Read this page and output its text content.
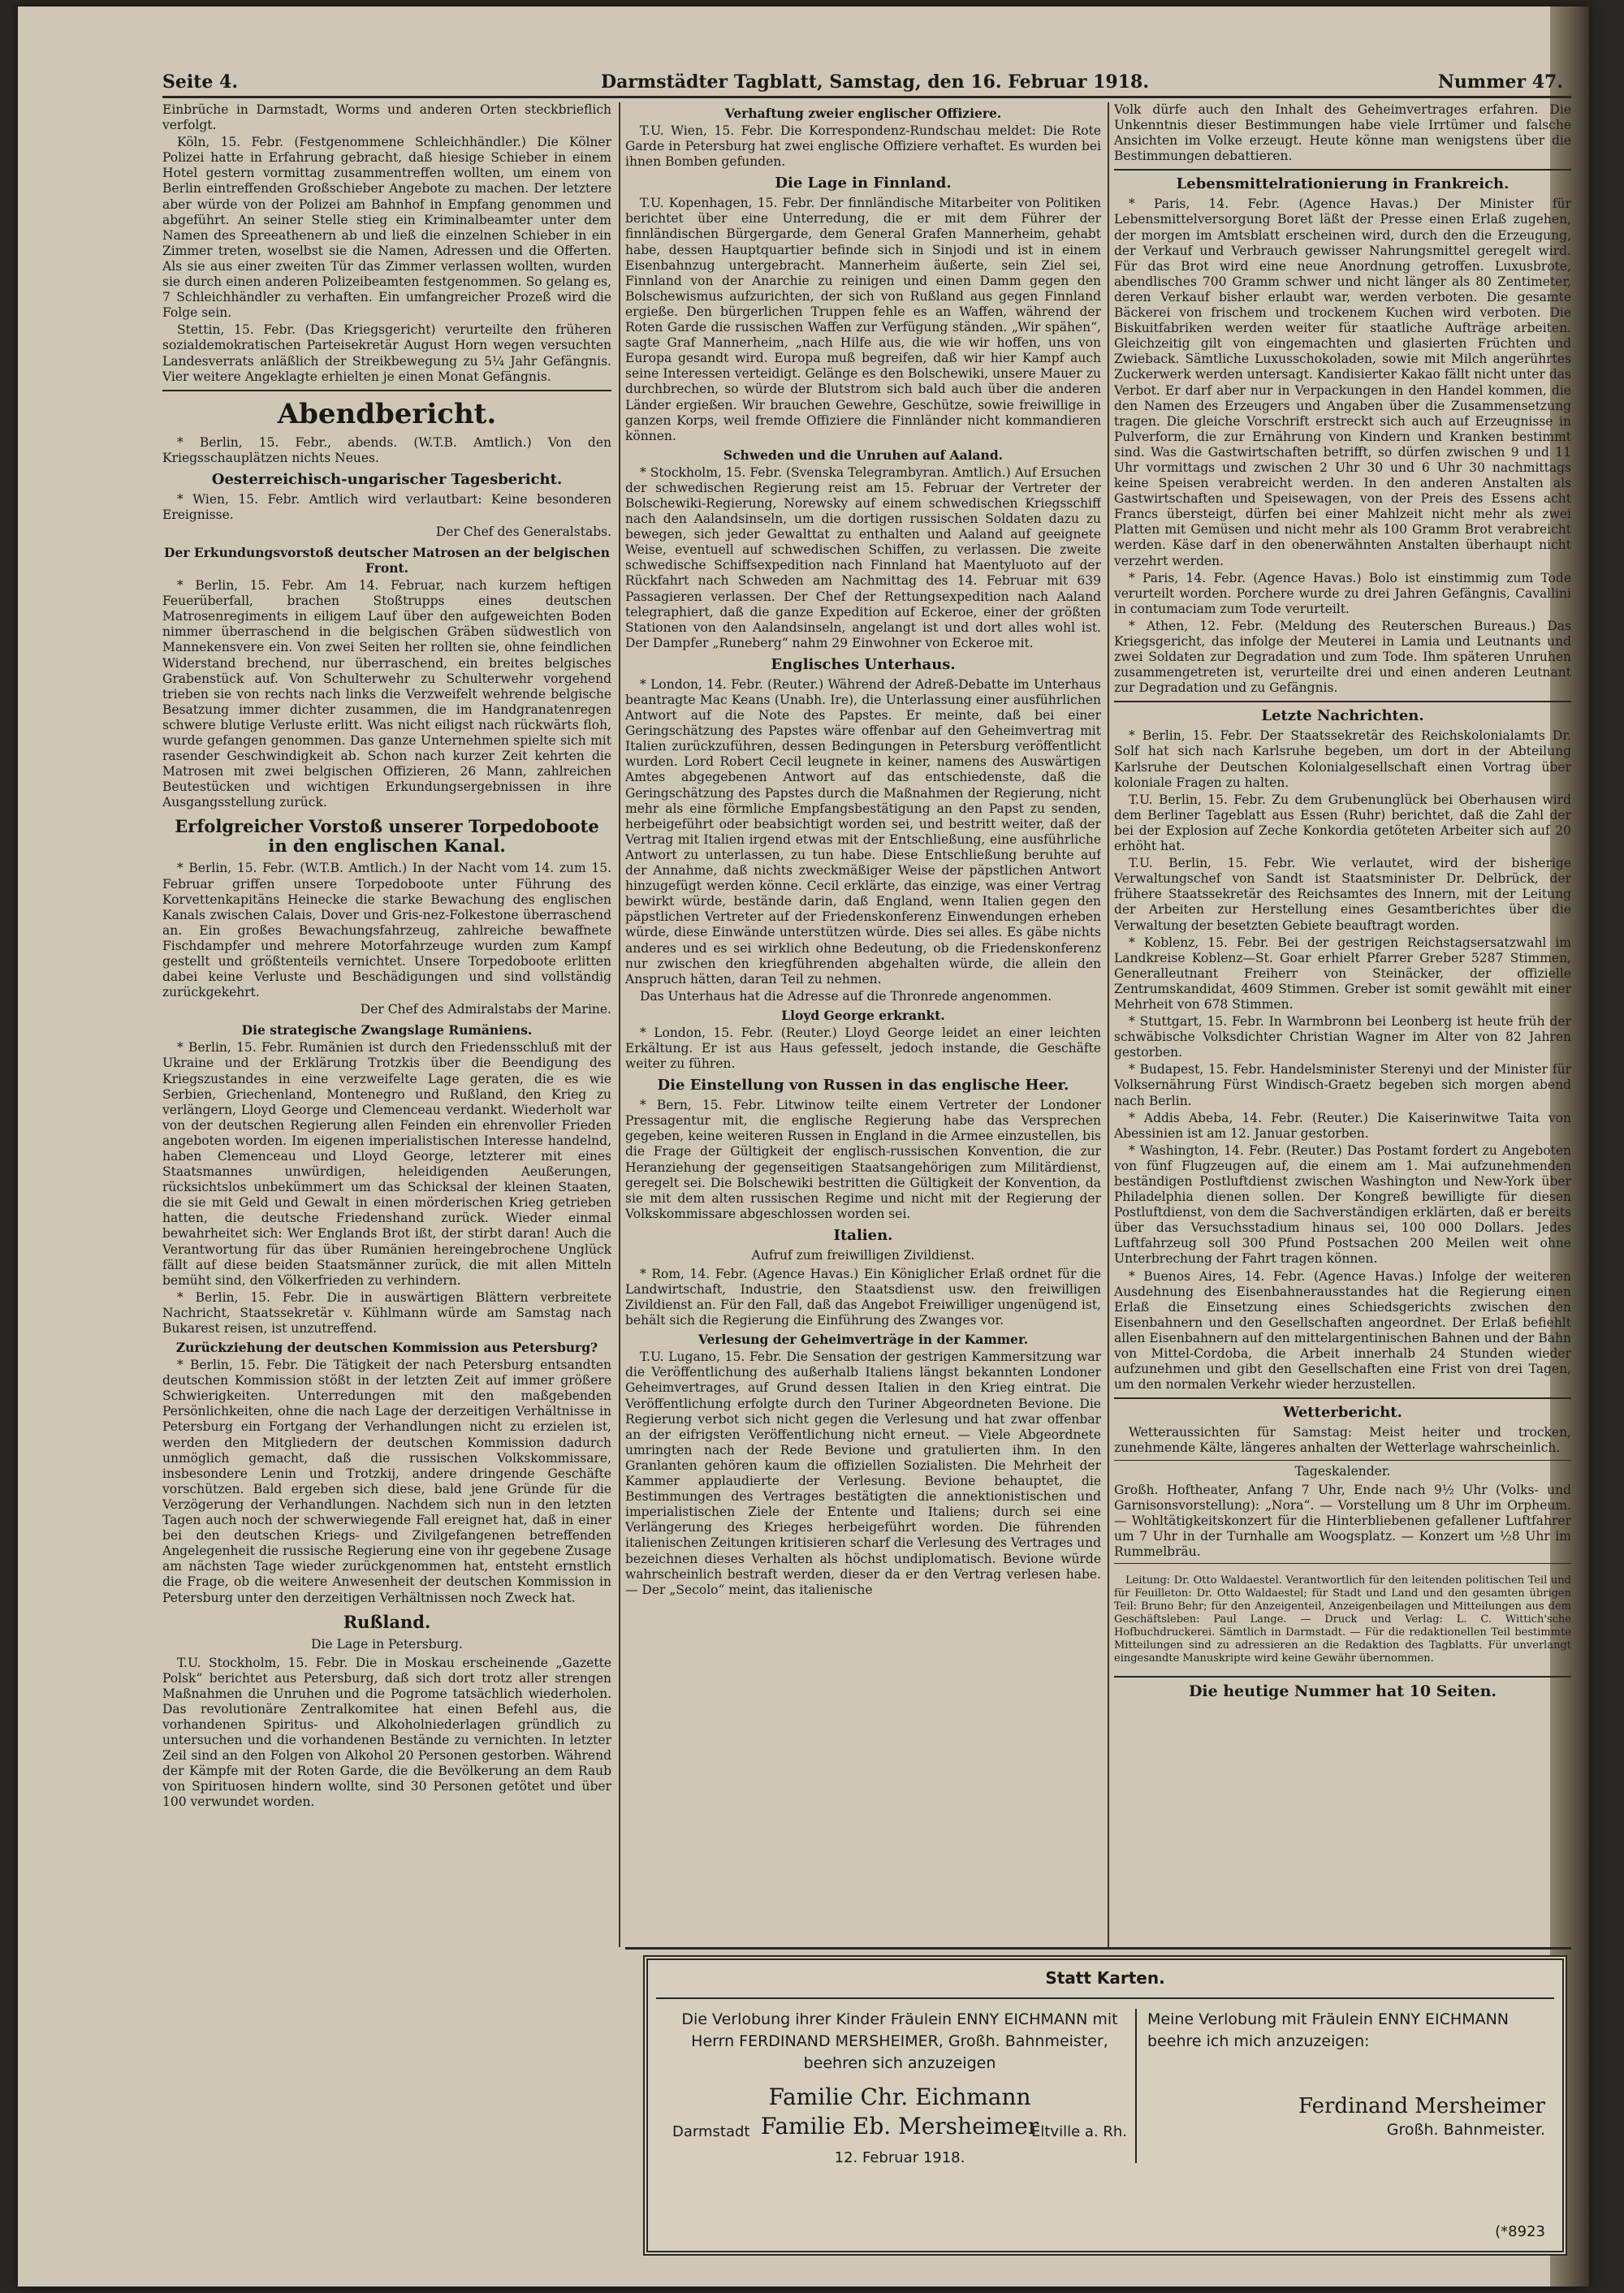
Seite 4.	Darmstädter Tagblatt, Samstag, den 16. Februar 1918.	Nummer 47.

Einbrüche in Darmstadt, Worms und anderen Orten steckbrieflich verfolgt.

Köln, 15. Febr. (Festgenommene Schleichhändler.) Die Kölner Polizei hatte in Erfahrung gebracht, daß hiesige Schieber in einem Hotel gestern vormittag zusammentreffen wollten, um einem von Berlin eintreffenden Großschieber Angebote zu machen. Der letztere aber würde von der Polizei am Bahnhof in Empfang genommen und abgeführt. An seiner Stelle stieg ein Kriminalbeamter unter dem Namen des Spreeathenern ab und ließ die einzelnen Schieber in ein Zimmer treten, woselbst sie die Namen, Adressen und die Offerten. Als sie aus einer zweiten Tür das Zimmer verlassen wollten, wurden sie durch einen anderen Polizeibeamten festgenommen. So gelang es, 7 Schleichhändler zu verhaften. Ein umfangreicher Prozeß wird die Folge sein.

Stettin, 15. Febr. (Das Kriegsgericht) verurteilte den früheren sozialdemokratischen Parteisekretär August Horn wegen versuchten Landesverrats anläßlich der Streikbewegung zu 5¼ Jahr Gefängnis. Vier weitere Angeklagte erhielten je einen Monat Gefängnis.

Abendbericht.

* Berlin, 15. Febr., abends. (W.T.B. Amtlich.) Von den Kriegsschauplätzen nichts Neues.

Oesterreichisch-ungarischer Tagesbericht.

* Wien, 15. Febr. Amtlich wird verlautbart: Keine besonderen Ereignisse.

Der Chef des Generalstabs.
Der Erkundungsvorstoß deutscher Matrosen an der belgischen Front.

* Berlin, 15. Febr. Am 14. Februar, nach kurzem heftigen Feuerüberfall, brachen Stoßtrupps eines deutschen Matrosenregiments in eiligem Lauf über den aufgeweichten Boden nimmer überraschend in die belgischen Gräben südwestlich von Mannekensvere ein. Von zwei Seiten her rollten sie, ohne feindlichen Widerstand brechend, nur überraschend, ein breites belgisches Grabenstück auf. Von Schulterwehr zu Schulterwehr vorgehend trieben sie von rechts nach links die Verzweifelt wehrende belgische Besatzung immer dichter zusammen, die im Handgranatenregen schwere blutige Verluste erlitt. Was nicht eiligst nach rückwärts floh, wurde gefangen genommen. Das ganze Unternehmen spielte sich mit rasender Geschwindigkeit ab. Schon nach kurzer Zeit kehrten die Matrosen mit zwei belgischen Offizieren, 26 Mann, zahlreichen Beutestücken und wichtigen Erkundungsergebnissen in ihre Ausgangsstellung zurück.

Erfolgreicher Vorstoß unserer Torpedoboote in den englischen Kanal.

* Berlin, 15. Febr. (W.T.B. Amtlich.) In der Nacht vom 14. zum 15. Februar griffen unsere Torpedoboote unter Führung des Korvettenkapitäns Heinecke die starke Bewachung des englischen Kanals zwischen Calais, Dover und Gris-nez-Folkestone überraschend an. Ein großes Bewachungsfahrzeug, zahlreiche bewaffnete Fischdampfer und mehrere Motorfahrzeuge wurden zum Kampf gestellt und größtenteils vernichtet. Unsere Torpedoboote erlitten dabei keine Verluste und Beschädigungen und sind vollständig zurückgekehrt.

Der Chef des Admiralstabs der Marine.
Die strategische Zwangslage Rumäniens.

* Berlin, 15. Febr. Rumänien ist durch den Friedensschluß mit der Ukraine und der Erklärung Trotzkis über die Beendigung des Kriegszustandes in eine verzweifelte Lage geraten, die es wie Serbien, Griechenland, Montenegro und Rußland, den Krieg zu verlängern, Lloyd George und Clemenceau verdankt. Wiederholt war von der deutschen Regierung allen Feinden ein ehrenvoller Frieden angeboten worden. Im eigenen imperialistischen Interesse handelnd, haben Clemenceau und Lloyd George, letzterer mit eines Staatsmannes unwürdigen, heleidigenden Aeußerungen, rücksichtslos unbekümmert um das Schicksal der kleinen Staaten, die sie mit Geld und Gewalt in einen mörderischen Krieg getrieben hatten, die deutsche Friedenshand zurück. Wieder einmal bewahrheitet sich: Wer Englands Brot ißt, der stirbt daran! Auch die Verantwortung für das über Rumänien hereingebrochene Unglück fällt auf diese beiden Staatsmänner zurück, die mit allen Mitteln bemüht sind, den Völkerfrieden zu verhindern.

* Berlin, 15. Febr. Die in auswärtigen Blättern verbreitete Nachricht, Staatssekretär v. Kühlmann würde am Samstag nach Bukarest reisen, ist unzutreffend.

Zurückziehung der deutschen Kommission aus Petersburg?

* Berlin, 15. Febr. Die Tätigkeit der nach Petersburg entsandten deutschen Kommission stößt in der letzten Zeit auf immer größere Schwierigkeiten. Unterredungen mit den maßgebenden Persönlichkeiten, ohne die nach Lage der derzeitigen Verhältnisse in Petersburg ein Fortgang der Verhandlungen nicht zu erzielen ist, werden den Mitgliedern der deutschen Kommission dadurch unmöglich gemacht, daß die russischen Volkskommissare, insbesondere Lenin und Trotzkij, andere dringende Geschäfte vorschützen. Bald ergeben sich diese, bald jene Gründe für die Verzögerung der Verhandlungen. Nachdem sich nun in den letzten Tagen auch noch der schwerwiegende Fall ereignet hat, daß in einer bei den deutschen Kriegs- und Zivilgefangenen betreffenden Angelegenheit die russische Regierung eine von ihr gegebene Zusage am nächsten Tage wieder zurückgenommen hat, entsteht ernstlich die Frage, ob die weitere Anwesenheit der deutschen Kommission in Petersburg unter den derzeitigen Verhältnissen noch Zweck hat.

Rußland.
Die Lage in Petersburg.

T.U. Stockholm, 15. Febr. Die in Moskau erscheinende „Gazette Polsk“ berichtet aus Petersburg, daß sich dort trotz aller strengen Maßnahmen die Unruhen und die Pogrome tatsächlich wiederholen. Das revolutionäre Zentralkomitee hat einen Befehl aus, die vorhandenen Spiritus- und Alkoholniederlagen gründlich zu untersuchen und die vorhandenen Bestände zu vernichten. In letzter Zeil sind an den Folgen von Alkohol 20 Personen gestorben. Während der Kämpfe mit der Roten Garde, die die Bevölkerung an dem Raub von Spirituosen hindern wollte, sind 30 Personen getötet und über 100 verwundet worden.

Verhaftung zweier englischer Offiziere.

T.U. Wien, 15. Febr. Die Korrespondenz-Rundschau meldet: Die Rote Garde in Petersburg hat zwei englische Offiziere verhaftet. Es wurden bei ihnen Bomben gefunden.

Die Lage in Finnland.

T.U. Kopenhagen, 15. Febr. Der finnländische Mitarbeiter von Politiken berichtet über eine Unterredung, die er mit dem Führer der finnländischen Bürgergarde, dem General Grafen Mannerheim, gehabt habe, dessen Hauptquartier befinde sich in Sinjodi und ist in einem Eisenbahnzug untergebracht. Mannerheim äußerte, sein Ziel sei, Finnland von der Anarchie zu reinigen und einen Damm gegen den Bolschewismus aufzurichten, der sich von Rußland aus gegen Finnland ergieße. Den bürgerlichen Truppen fehle es an Waffen, während der Roten Garde die russischen Waffen zur Verfügung ständen. „Wir spähen“, sagte Graf Mannerheim, „nach Hilfe aus, die wie wir hoffen, uns von Europa gesandt wird. Europa muß begreifen, daß wir hier Kampf auch seine Interessen verteidigt. Gelänge es den Bolschewiki, unsere Mauer zu durchbrechen, so würde der Blutstrom sich bald auch über die anderen Länder ergießen. Wir brauchen Gewehre, Geschütze, sowie freiwillige in ganzen Korps, weil fremde Offiziere die Finnländer nicht kommandieren können.

Schweden und die Unruhen auf Aaland.

* Stockholm, 15. Febr. (Svenska Telegrambyran. Amtlich.) Auf Ersuchen der schwedischen Regierung reist am 15. Februar der Vertreter der Bolschewiki-Regierung, Norewsky auf einem schwedischen Kriegsschiff nach den Aalandsinseln, um die dortigen russischen Soldaten dazu zu bewegen, sich jeder Gewalttat zu enthalten und Aaland auf geeignete Weise, eventuell auf schwedischen Schiffen, zu verlassen. Die zweite schwedische Schiffsexpedition nach Finnland hat Maentyluoto auf der Rückfahrt nach Schweden am Nachmittag des 14. Februar mit 639 Passagieren verlassen. Der Chef der Rettungsexpedition nach Aaland telegraphiert, daß die ganze Expedition auf Eckeroe, einer der größten Stationen von den Aalandsinseln, angelangt ist und dort alles wohl ist. Der Dampfer „Runeberg“ nahm 29 Einwohner von Eckeroe mit.

Englisches Unterhaus.

* London, 14. Febr. (Reuter.) Während der Adreß-Debatte im Unterhaus beantragte Mac Keans (Unabh. Ire), die Unterlassung einer ausführlichen Antwort auf die Note des Papstes. Er meinte, daß bei einer Geringschätzung des Papstes wäre offenbar auf den Geheimvertrag mit Italien zurückzuführen, dessen Bedingungen in Petersburg veröffentlicht wurden. Lord Robert Cecil leugnete in keiner, namens des Auswärtigen Amtes abgegebenen Antwort auf das entschiedenste, daß die Geringschätzung des Papstes durch die Maßnahmen der Regierung, nicht mehr als eine förmliche Empfangsbestätigung an den Papst zu senden, herbeigeführt oder beabsichtigt worden sei, und bestritt weiter, daß der Vertrag mit Italien irgend etwas mit der Entschließung, eine ausführliche Antwort zu unterlassen, zu tun habe. Diese Entschließung beruhte auf der Annahme, daß nichts zweckmäßiger Weise der päpstlichen Antwort hinzugefügt werden könne. Cecil erklärte, das einzige, was einer Vertrag bewirkt würde, bestände darin, daß England, wenn Italien gegen den päpstlichen Vertreter auf der Friedenskonferenz Einwendungen erheben würde, diese Einwände unterstützen würde. Dies sei alles. Es gäbe nichts anderes und es sei wirklich ohne Bedeutung, ob die Friedenskonferenz nur zwischen den kriegführenden abgehalten würde, die allein den Anspruch hätten, daran Teil zu nehmen.

Das Unterhaus hat die Adresse auf die Thronrede angenommen.

Lloyd George erkrankt.

* London, 15. Febr. (Reuter.) Lloyd George leidet an einer leichten Erkältung. Er ist aus Haus gefesselt, jedoch instande, die Geschäfte weiter zu führen.

Die Einstellung von Russen in das englische Heer.

* Bern, 15. Febr. Litwinow teilte einem Vertreter der Londoner Pressagentur mit, die englische Regierung habe das Versprechen gegeben, keine weiteren Russen in England in die Armee einzustellen, bis die Frage der Gültigkeit der englisch-russischen Konvention, die zur Heranziehung der gegenseitigen Staatsangehörigen zum Militärdienst, geregelt sei. Die Bolschewiki bestritten die Gültigkeit der Konvention, da sie mit dem alten russischen Regime und nicht mit der Regierung der Volkskommissare abgeschlossen worden sei.

Italien.
Aufruf zum freiwilligen Zivildienst.

* Rom, 14. Febr. (Agence Havas.) Ein Königlicher Erlaß ordnet für die Landwirtschaft, Industrie, den Staatsdienst usw. den freiwilligen Zivildienst an. Für den Fall, daß das Angebot Freiwilliger ungenügend ist, behält sich die Regierung die Einführung des Zwanges vor.

Verlesung der Geheimverträge in der Kammer.

T.U. Lugano, 15. Febr. Die Sensation der gestrigen Kammersitzung war die Veröffentlichung des außerhalb Italiens längst bekannten Londoner Geheimvertrages, auf Grund dessen Italien in den Krieg eintrat. Die Veröffentlichung erfolgte durch den Turiner Abgeordneten Bevione. Die Regierung verbot sich nicht gegen die Verlesung und hat zwar offenbar an der eifrigsten Veröffentlichung nicht erneut. — Viele Abgeordnete umringten nach der Rede Bevione und gratulierten ihm. In den Granlanten gehören kaum die offiziellen Sozialisten. Die Mehrheit der Kammer applaudierte der Verlesung. Bevione behauptet, die Bestimmungen des Vertrages bestätigten die annektionistischen und imperialistischen Ziele der Entente und Italiens; durch sei eine Verlängerung des Krieges herbeigeführt worden. Die führenden italienischen Zeitungen kritisieren scharf die Verlesung des Vertrages und bezeichnen dieses Verhalten als höchst undiplomatisch. Bevione würde wahrscheinlich bestraft werden, dieser da er den Vertrag verlesen habe. — Der „Secolo“ meint, das italienische

Volk dürfe auch den Inhalt des Geheimvertrages erfahren. Die Unkenntnis dieser Bestimmungen habe viele Irrtümer und falsche Ansichten im Volke erzeugt. Heute könne man wenigstens über die Bestimmungen debattieren.

Lebensmittelrationierung in Frankreich.

* Paris, 14. Febr. (Agence Havas.) Der Minister für Lebensmittelversorgung Boret läßt der Presse einen Erlaß zugehen, der morgen im Amtsblatt erscheinen wird, durch den die Erzeugung, der Verkauf und Verbrauch gewisser Nahrungsmittel geregelt wird. Für das Brot wird eine neue Anordnung getroffen. Luxusbrote, abendlisches 700 Gramm schwer und nicht länger als 80 Zentimeter, deren Verkauf bisher erlaubt war, werden verboten. Die gesamte Bäckerei von frischem und trockenem Kuchen wird verboten. Die Biskuitfabriken werden weiter für staatliche Aufträge arbeiten. Gleichzeitig gilt von eingemachten und glasierten Früchten und Zwieback. Sämtliche Luxusschokoladen, sowie mit Milch angerührtes Zuckerwerk werden untersagt. Kandisierter Kakao fällt nicht unter das Verbot. Er darf aber nur in Verpackungen in den Handel kommen, die den Namen des Erzeugers und Angaben über die Zusammensetzung tragen. Die gleiche Vorschrift erstreckt sich auch auf Erzeugnisse in Pulverform, die zur Ernährung von Kindern und Kranken bestimmt sind. Was die Gastwirtschaften betrifft, so dürfen zwischen 9 und 11 Uhr vormittags und zwischen 2 Uhr 30 und 6 Uhr 30 nachmittags keine Speisen verabreicht werden. In den anderen Anstalten als Gastwirtschaften und Speisewagen, von der Preis des Essens acht Francs übersteigt, dürfen bei einer Mahlzeit nicht mehr als zwei Platten mit Gemüsen und nicht mehr als 100 Gramm Brot verabreicht werden. Käse darf in den obenerwähnten Anstalten überhaupt nicht verzehrt werden.

* Paris, 14. Febr. (Agence Havas.) Bolo ist einstimmig zum Tode verurteilt worden. Porchere wurde zu drei Jahren Gefängnis, Cavallini in contumaciam zum Tode verurteilt.

* Athen, 12. Febr. (Meldung des Reuterschen Bureaus.) Das Kriegsgericht, das infolge der Meuterei in Lamia und Leutnants und zwei Soldaten zur Degradation und zum Tode. Ihm späteren Unruhen zusammengetreten ist, verurteilte drei und einen anderen Leutnant zur Degradation und zu Gefängnis.

Letzte Nachrichten.

* Berlin, 15. Febr. Der Staatssekretär des Reichskolonialamts Dr. Solf hat sich nach Karlsruhe begeben, um dort in der Abteilung Karlsruhe der Deutschen Kolonialgesellschaft einen Vortrag über koloniale Fragen zu halten.

T.U. Berlin, 15. Febr. Zu dem Grubenunglück bei Oberhausen wird dem Berliner Tageblatt aus Essen (Ruhr) berichtet, daß die Zahl der bei der Explosion auf Zeche Konkordia getöteten Arbeiter sich auf 20 erhöht hat.

T.U. Berlin, 15. Febr. Wie verlautet, wird der bisherige Verwaltungschef von Sandt ist Staatsminister Dr. Delbrück, der frühere Staatssekretär des Reichsamtes des Innern, mit der Leitung der Arbeiten zur Herstellung eines Gesamtberichtes über die Verwaltung der besetzten Gebiete beauftragt worden.

* Koblenz, 15. Febr. Bei der gestrigen Reichstagsersatzwahl im Landkreise Koblenz—St. Goar erhielt Pfarrer Greber 5287 Stimmen, Generalleutnant Freiherr von Steinäcker, der offizielle Zentrumskandidat, 4609 Stimmen. Greber ist somit gewählt mit einer Mehrheit von 678 Stimmen.

* Stuttgart, 15. Febr. In Warmbronn bei Leonberg ist heute früh der schwäbische Volksdichter Christian Wagner im Alter von 82 Jahren gestorben.

* Budapest, 15. Febr. Handelsminister Sterenyi und der Minister für Volksernährung Fürst Windisch-Graetz begeben sich morgen abend nach Berlin.

* Addis Abeba, 14. Febr. (Reuter.) Die Kaiserinwitwe Taita von Abessinien ist am 12. Januar gestorben.

* Washington, 14. Febr. (Reuter.) Das Postamt fordert zu Angeboten von fünf Flugzeugen auf, die einem am 1. Mai aufzunehmenden beständigen Postluftdienst zwischen Washington und New-York über Philadelphia dienen sollen. Der Kongreß bewilligte für diesen Postluftdienst, von dem die Sachverständigen erklärten, daß er bereits über das Versuchsstadium hinaus sei, 100 000 Dollars. Jedes Luftfahrzeug soll 300 Pfund Postsachen 200 Meilen weit ohne Unterbrechung der Fahrt tragen können.

* Buenos Aires, 14. Febr. (Agence Havas.) Infolge der weiteren Ausdehnung des Eisenbahnerausstandes hat die Regierung einen Erlaß die Einsetzung eines Schiedsgerichts zwischen den Eisenbahnern und den Gesellschaften angeordnet. Der Erlaß befiehlt allen Eisenbahnern auf den mittelargentinischen Bahnen und der Bahn von Mittel-Cordoba, die Arbeit innerhalb 24 Stunden wieder aufzunehmen und gibt den Gesellschaften eine Frist von drei Tagen, um den normalen Verkehr wieder herzustellen.

Wetterbericht.

Wetteraussichten für Samstag: Meist heiter und trocken, zunehmende Kälte, längeres anhalten der Wetterlage wahrscheinlich.

Tageskalender.

Großh. Hoftheater, Anfang 7 Uhr, Ende nach 9½ Uhr (Volks- und Garnisonsvorstellung): „Nora“. — Vorstellung um 8 Uhr im Orpheum. — Wohltätigkeitskonzert für die Hinterbliebenen gefallener Luftfahrer um 7 Uhr in der Turnhalle am Woogsplatz. — Konzert um ½8 Uhr im Rummelbräu.

Leitung: Dr. Otto Waldaestel. Verantwortlich für den leitenden politischen Teil und für Feuilleton: Dr. Otto Waldaestel; für Stadt und Land und den gesamten übrigen Teil: Bruno Behr; für den Anzeigenteil, Anzeigenbeilagen und Mitteilungen aus dem Geschäftsleben: Paul Lange. — Druck und Verlag: L. C. Wittich'sche Hofbuchdruckerei. Sämtlich in Darmstadt. — Für die redaktionellen Teil bestimmte Mitteilungen sind zu adressieren an die Redaktion des Tagblatts. Für unverlangt eingesandte Manuskripte wird keine Gewähr übernommen.

Die heutige Nummer hat 10 Seiten.
Statt Karten.
Die Verlobung ihrer Kinder Fräulein ENNY EICHMANN mit Herrn FERDINAND MERSHEIMER, Großh. Bahnmeister, beehren sich anzuzeigen
Familie Chr. Eichmann
Darmstadt Familie Eb. Mersheimer
Eltville a. Rh.
12. Februar 1918.
Meine Verlobung mit Fräulein ENNY EICHMANN beehre ich mich anzuzeigen:
Ferdinand Mersheimer
Großh. Bahnmeister.
(*8923
